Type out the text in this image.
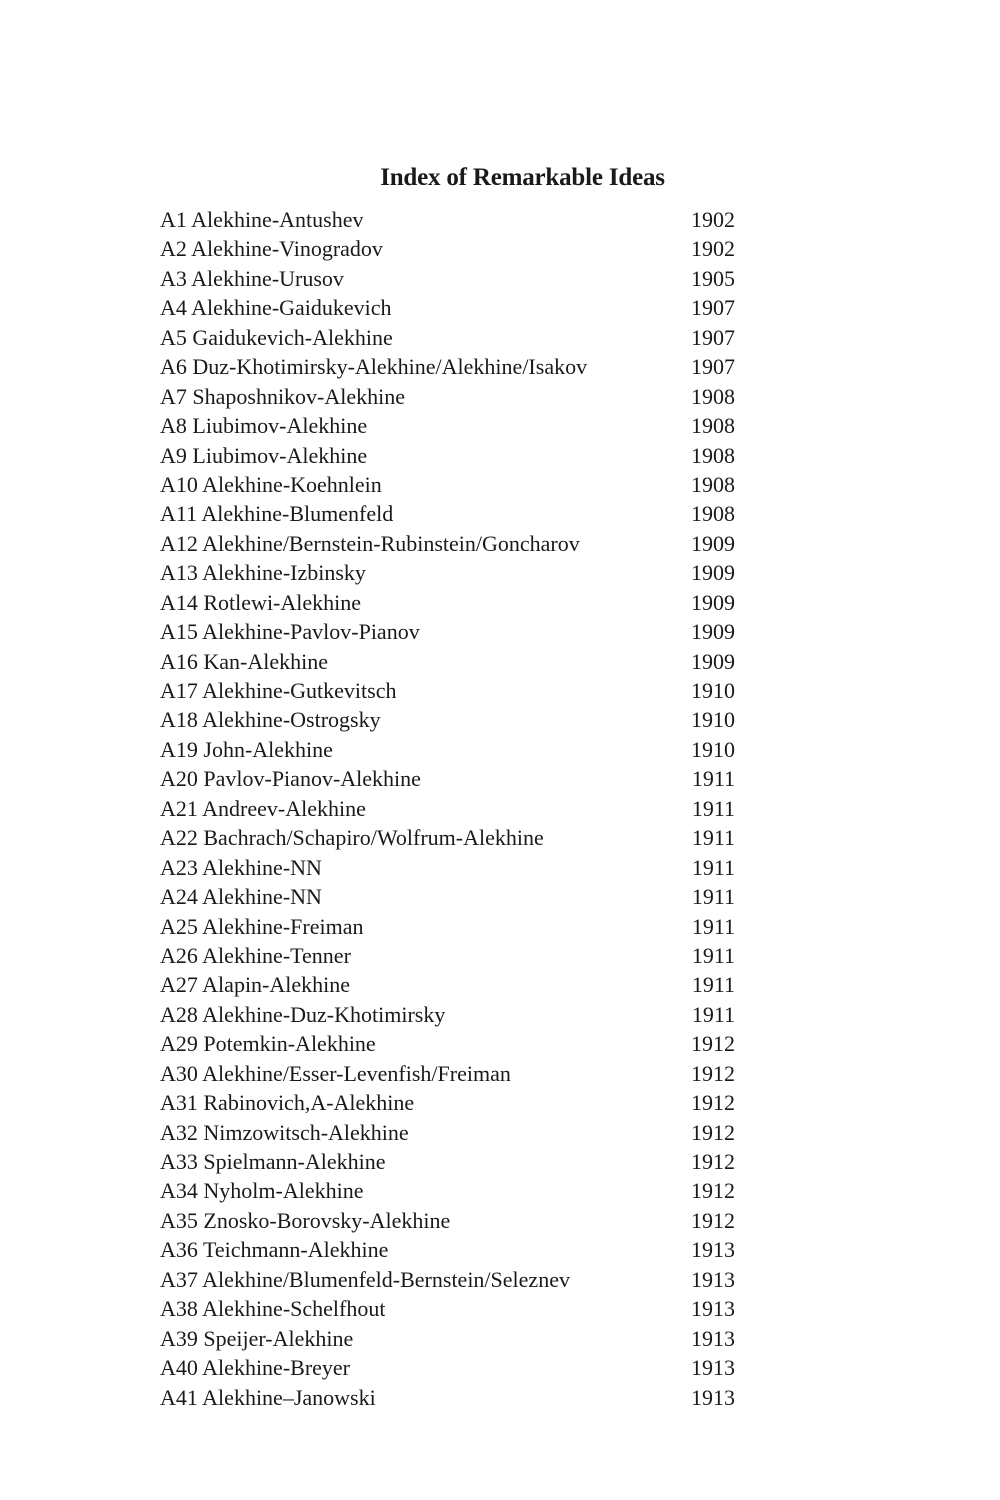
Index of Remarkable Ideas
A1 Alekhine-Antushev	1902
A2 Alekhine-Vinogradov	1902
A3 Alekhine-Urusov	1905
A4 Alekhine-Gaidukevich	1907
A5 Gaidukevich-Alekhine	1907
A6 Duz-Khotimirsky-Alekhine/Alekhine/Isakov	1907
A7 Shaposhnikov-Alekhine	1908
A8 Liubimov-Alekhine	1908
A9 Liubimov-Alekhine	1908
A10 Alekhine-Koehnlein	1908
A11 Alekhine-Blumenfeld	1908
A12 Alekhine/Bernstein-Rubinstein/Goncharov	1909
A13 Alekhine-Izbinsky	1909
A14 Rotlewi-Alekhine	1909
A15 Alekhine-Pavlov-Pianov	1909
A16 Kan-Alekhine	1909
A17 Alekhine-Gutkevitsch	1910
A18 Alekhine-Ostrogsky	1910
A19 John-Alekhine	1910
A20 Pavlov-Pianov-Alekhine	1911
A21 Andreev-Alekhine	1911
A22 Bachrach/Schapiro/Wolfrum-Alekhine	1911
A23 Alekhine-NN	1911
A24 Alekhine-NN	1911
A25 Alekhine-Freiman	1911
A26 Alekhine-Tenner	1911
A27 Alapin-Alekhine	1911
A28 Alekhine-Duz-Khotimirsky	1911
A29 Potemkin-Alekhine	1912
A30 Alekhine/Esser-Levenfish/Freiman	1912
A31 Rabinovich,A-Alekhine	1912
A32 Nimzowitsch-Alekhine	1912
A33 Spielmann-Alekhine	1912
A34 Nyholm-Alekhine	1912
A35 Znosko-Borovsky-Alekhine	1912
A36 Teichmann-Alekhine	1913
A37 Alekhine/Blumenfeld-Bernstein/Seleznev	1913
A38 Alekhine-Schelfhout	1913
A39 Speijer-Alekhine	1913
A40 Alekhine-Breyer	1913
A41 Alekhine–Janowski	1913
